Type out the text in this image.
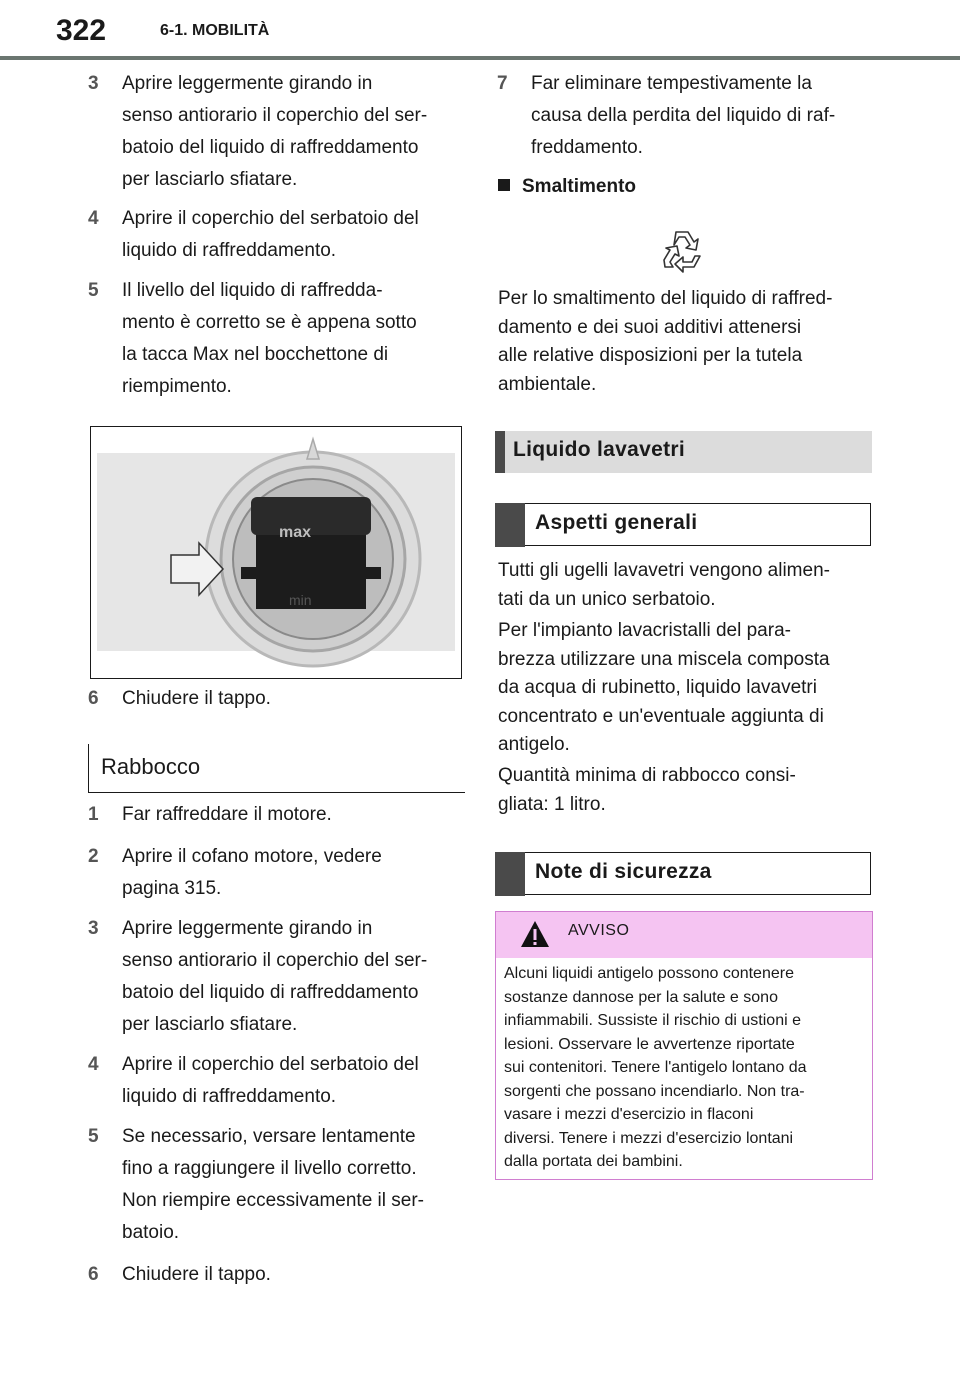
322	6-1. MOBILITÀ
3 Aprire leggermente girando in
senso antiorario il coperchio del ser-
batoio del liquido di raffreddamento
per lasciarlo sfiatare.
4 Aprire il coperchio del serbatoio del
liquido di raffreddamento.
5 Il livello del liquido di raffredda-
mento è corretto se è appena sotto
la tacca Max nel bocchettone di
riempimento.
max
min
6 Chiudere il tappo.
Rabbocco
1 Far raffreddare il motore.
2 Aprire il cofano motore, vedere
pagina 315.
3 Aprire leggermente girando in
senso antiorario il coperchio del ser-
batoio del liquido di raffreddamento
per lasciarlo sfiatare.
4 Aprire il coperchio del serbatoio del
liquido di raffreddamento.
5 Se necessario, versare lentamente
fino a raggiungere il livello corretto.
Non riempire eccessivamente il ser-
batoio.
6 Chiudere il tappo.
7 Far eliminare tempestivamente la
causa della perdita del liquido di raf-
freddamento.
Smaltimento
Per lo smaltimento del liquido di raffred-
damento e dei suoi additivi attenersi
alle relative disposizioni per la tutela
ambientale.
Liquido lavavetri
Aspetti generali
Tutti gli ugelli lavavetri vengono alimen-
tati da un unico serbatoio.
Per l'impianto lavacristalli del para-
brezza utilizzare una miscela composta
da acqua di rubinetto, liquido lavavetri
concentrato e un'eventuale aggiunta di
antigelo.
Quantità minima di rabbocco consi-
gliata: 1 litro.
Note di sicurezza
AVVISO
Alcuni liquidi antigelo possono contenere
sostanze dannose per la salute e sono
infiammabili. Sussiste il rischio di ustioni e
lesioni. Osservare le avvertenze riportate
sui contenitori. Tenere l'antigelo lontano da
sorgenti che possano incendiarlo. Non tra-
vasare i mezzi d'esercizio in flaconi
diversi. Tenere i mezzi d'esercizio lontani
dalla portata dei bambini.
